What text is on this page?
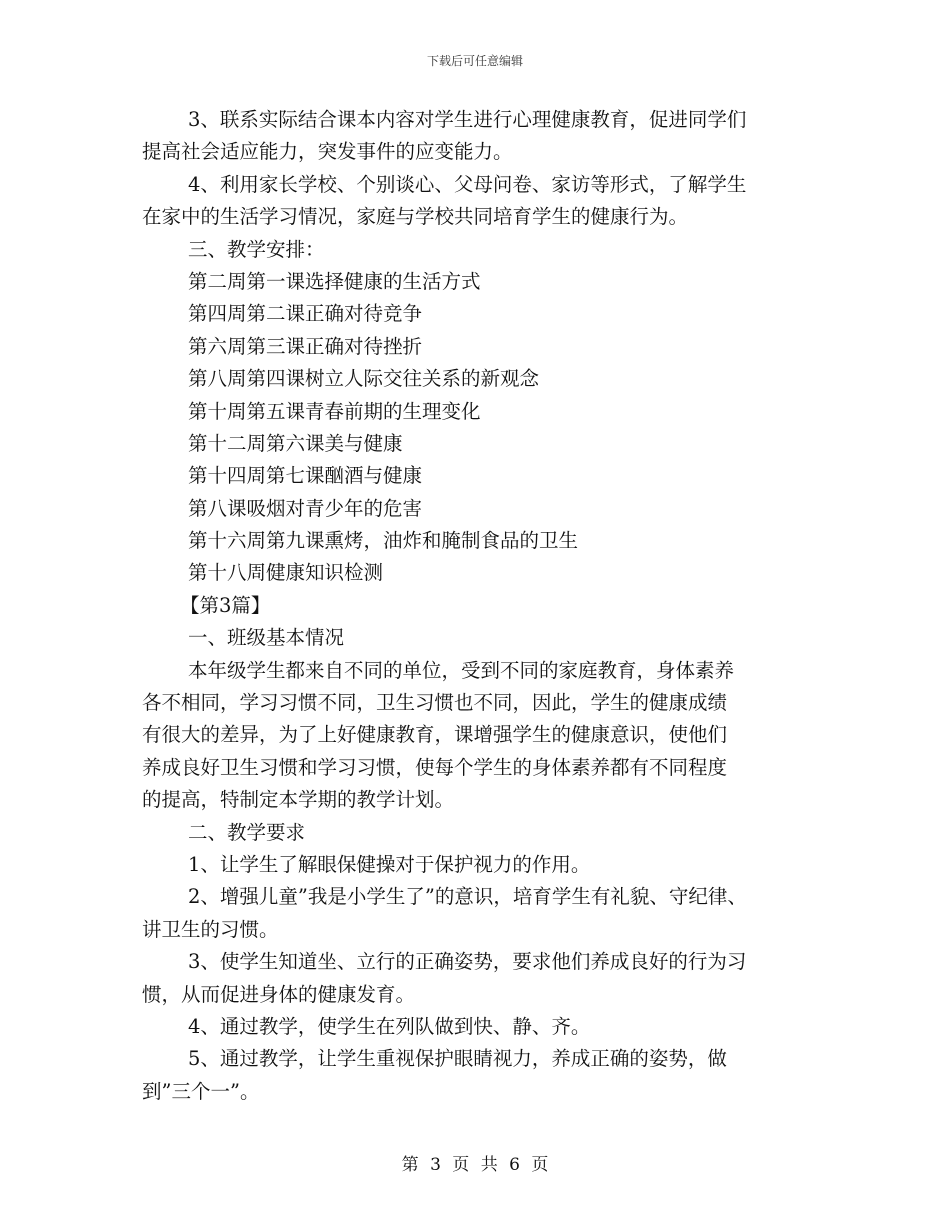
下载后可任意编辑
3、联系实际结合课本内容对学生进行心理健康教育，促进同学们
提高社会适应能力，突发事件的应变能力。
4、利用家长学校、个别谈心、父母问卷、家访等形式，了解学生
在家中的生活学习情况，家庭与学校共同培育学生的健康行为。
三、教学安排：
第二周第一课选择健康的生活方式
第四周第二课正确对待竞争
第六周第三课正确对待挫折
第八周第四课树立人际交往关系的新观念
第十周第五课青春前期的生理变化
第十二周第六课美与健康
第十四周第七课酗酒与健康
第八课吸烟对青少年的危害
第十六周第九课熏烤，油炸和腌制食品的卫生
第十八周健康知识检测
【第3篇】
一、班级基本情况
本年级学生都来自不同的单位，受到不同的家庭教育，身体素养
各不相同，学习习惯不同，卫生习惯也不同，因此，学生的健康成绩
有很大的差异，为了上好健康教育，课增强学生的健康意识，使他们
养成良好卫生习惯和学习习惯，使每个学生的身体素养都有不同程度
的提高，特制定本学期的教学计划。
二、教学要求
1、让学生了解眼保健操对于保护视力的作用。
2、增强儿童”我是小学生了”的意识，培育学生有礼貌、守纪律、
讲卫生的习惯。
3、使学生知道坐、立行的正确姿势，要求他们养成良好的行为习
惯，从而促进身体的健康发育。
4、通过教学，使学生在列队做到快、静、齐。
5、通过教学，让学生重视保护眼睛视力，养成正确的姿势，做
到”三个一”。
第 3 页 共 6 页
